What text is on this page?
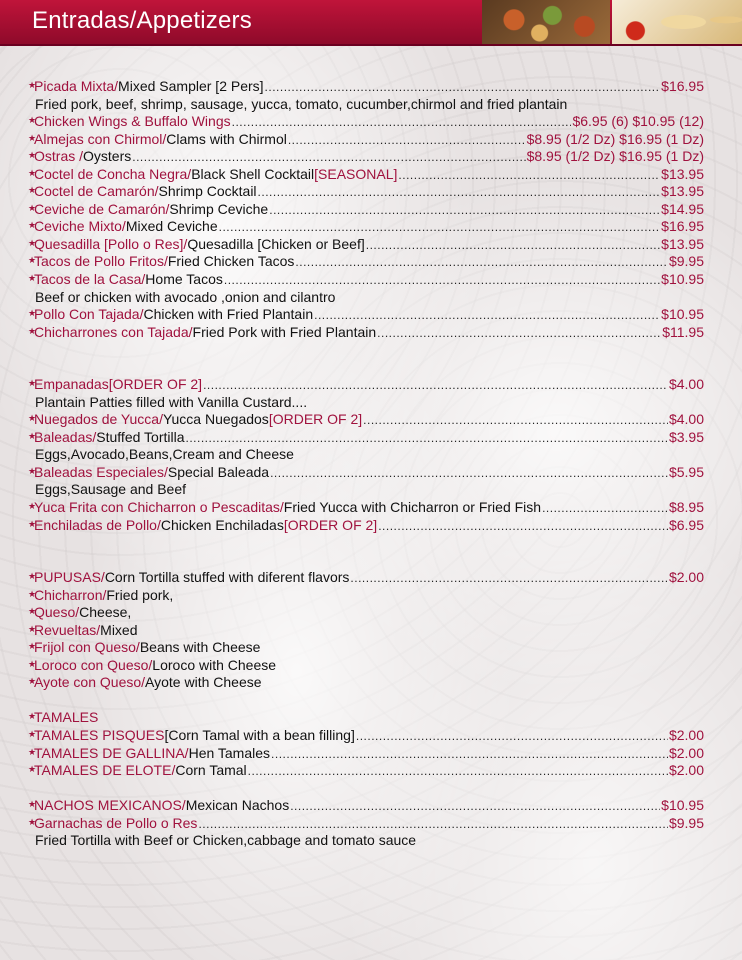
Entradas/Appetizers
★
Picada Mixta/ Mixed Sampler [2 Pers] .....	$16.95
Fried pork, beef, shrimp, sausage, yucca, tomato, cucumber,chirmol and fried plantain
★
Chicken Wings & Buffalo Wings .....	$6.95 (6) $10.95 (12)
★
Almejas con Chirmol/ Clams with Chirmol .....	$8.95 (1/2 Dz) $16.95 (1 Dz)
★
Ostras / Oysters .....	$8.95 (1/2 Dz) $16.95 (1 Dz)
★
Coctel de Concha Negra/ Black Shell Cocktail [SEASONAL] .....	$13.95
★
Coctel de Camarón/ Shrimp Cocktail .....	$13.95
★
Ceviche de Camarón/ Shrimp Ceviche .....	$14.95
★
Ceviche Mixto/ Mixed Ceviche .....	$16.95
★
Quesadilla [Pollo o Res]/ Quesadilla [Chicken or Beef] .....	$13.95
★
Tacos de Pollo Fritos/ Fried Chicken Tacos .....	$9.95
★
Tacos de la Casa/ Home Tacos .....	$10.95
Beef or chicken with avocado ,onion and cilantro
★
Pollo Con Tajada/ Chicken with Fried Plantain .....	$10.95
★
Chicharrones con Tajada/ Fried Pork with Fried Plantain .....	$11.95
★
Empanadas [ORDER OF 2] .....	$4.00
Plantain Patties filled with Vanilla Custard....
★
Nuegados de Yucca/ Yucca Nuegados [ORDER OF 2] .....	$4.00
★
Baleadas/ Stuffed Tortilla .....	$3.95
Eggs,Avocado,Beans,Cream and Cheese
★
Baleadas Especiales/ Special Baleada .....	$5.95
Eggs,Sausage and Beef
★
Yuca Frita con Chicharron o Pescaditas/ Fried Yucca with Chicharron or Fried Fish .....	$8.95
★
Enchiladas de Pollo/ Chicken Enchiladas [ORDER OF 2] .....	$6.95
★
PUPUSAS/ Corn Tortilla stuffed with diferent flavors .....	$2.00
★
Chicharron/ Fried pork,
★
Queso/ Cheese,
★
Revueltas/ Mixed
★
Frijol con Queso/ Beans with Cheese
★
Loroco con Queso/ Loroco with Cheese
★
Ayote con Queso/ Ayote with Cheese
★
TAMALES
★
TAMALES PISQUES [Corn Tamal with a bean filling] .....	$2.00
★
TAMALES DE GALLINA/ Hen Tamales .....	$2.00
★
TAMALES DE ELOTE/ Corn Tamal .....	$2.00
★
NACHOS MEXICANOS/ Mexican Nachos .....	$10.95
★
Garnachas de Pollo o Res .....	$9.95
Fried Tortilla with Beef or Chicken,cabbage and tomato sauce
